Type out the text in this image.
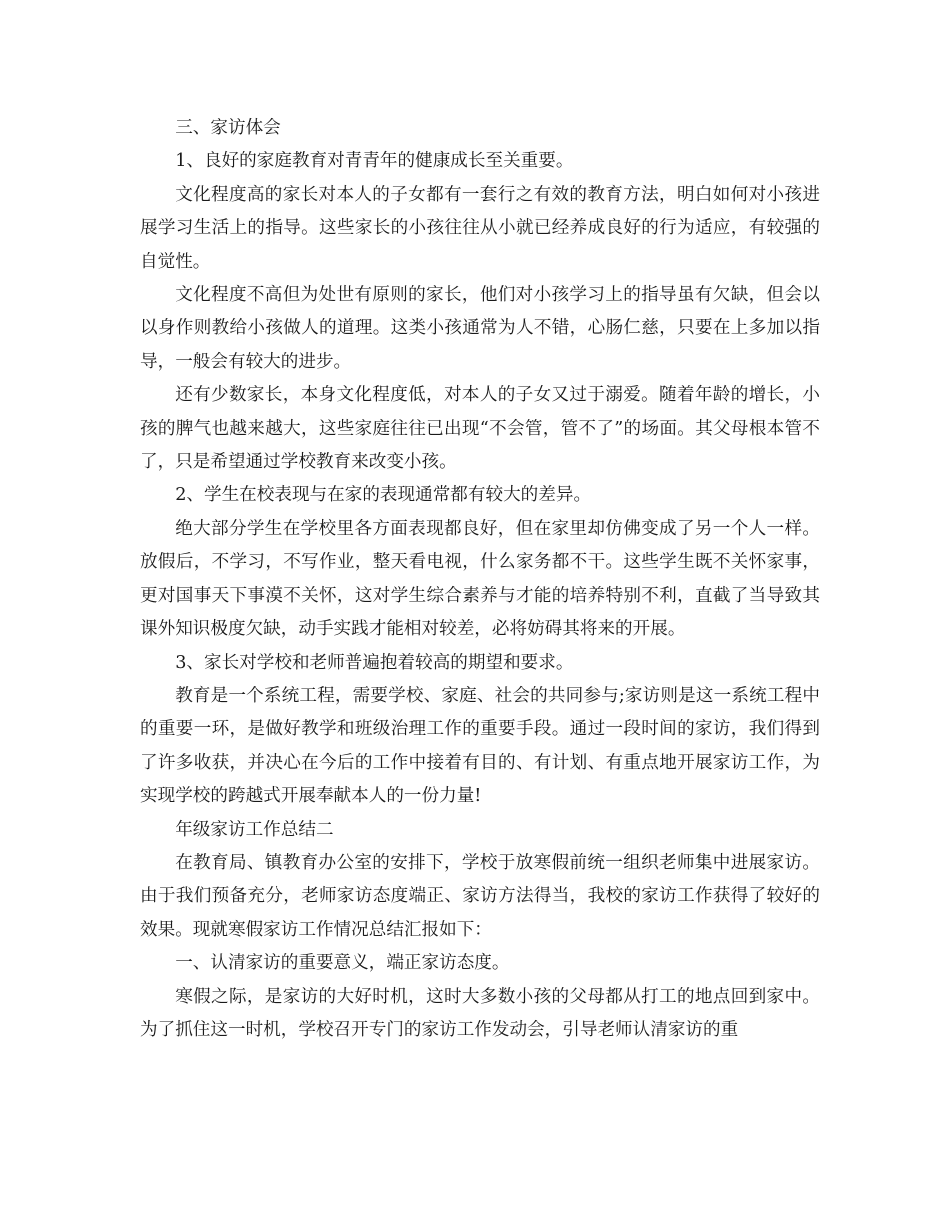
三、家访体会

1、良好的家庭教育对青青年的健康成长至关重要。

文化程度高的家长对本人的子女都有一套行之有效的教育方法，明白如何对小孩进展学习生活上的指导。这些家长的小孩往往从小就已经养成良好的行为适应，有较强的自觉性。

文化程度不高但为处世有原则的家长，他们对小孩学习上的指导虽有欠缺，但会以以身作则教给小孩做人的道理。这类小孩通常为人不错，心肠仁慈，只要在上多加以指导，一般会有较大的进步。

还有少数家长，本身文化程度低，对本人的子女又过于溺爱。随着年龄的增长，小孩的脾气也越来越大，这些家庭往往已出现“不会管，管不了”的场面。其父母根本管不了，只是希望通过学校教育来改变小孩。

2、学生在校表现与在家的表现通常都有较大的差异。

绝大部分学生在学校里各方面表现都良好，但在家里却仿佛变成了另一个人一样。放假后，不学习，不写作业，整天看电视，什么家务都不干。这些学生既不关怀家事，更对国事天下事漠不关怀，这对学生综合素养与才能的培养特别不利，直截了当导致其课外知识极度欠缺，动手实践才能相对较差，必将妨碍其将来的开展。

3、家长对学校和老师普遍抱着较高的期望和要求。

教育是一个系统工程，需要学校、家庭、社会的共同参与;家访则是这一系统工程中的重要一环，是做好教学和班级治理工作的重要手段。通过一段时间的家访，我们得到了许多收获，并决心在今后的工作中接着有目的、有计划、有重点地开展家访工作，为实现学校的跨越式开展奉献本人的一份力量!

年级家访工作总结二

在教育局、镇教育办公室的安排下，学校于放寒假前统一组织老师集中进展家访。由于我们预备充分，老师家访态度端正、家访方法得当，我校的家访工作获得了较好的效果。现就寒假家访工作情况总结汇报如下：

一、认清家访的重要意义，端正家访态度。

寒假之际，是家访的大好时机，这时大多数小孩的父母都从打工的地点回到家中。为了抓住这一时机，学校召开专门的家访工作发动会，引导老师认清家访的重
